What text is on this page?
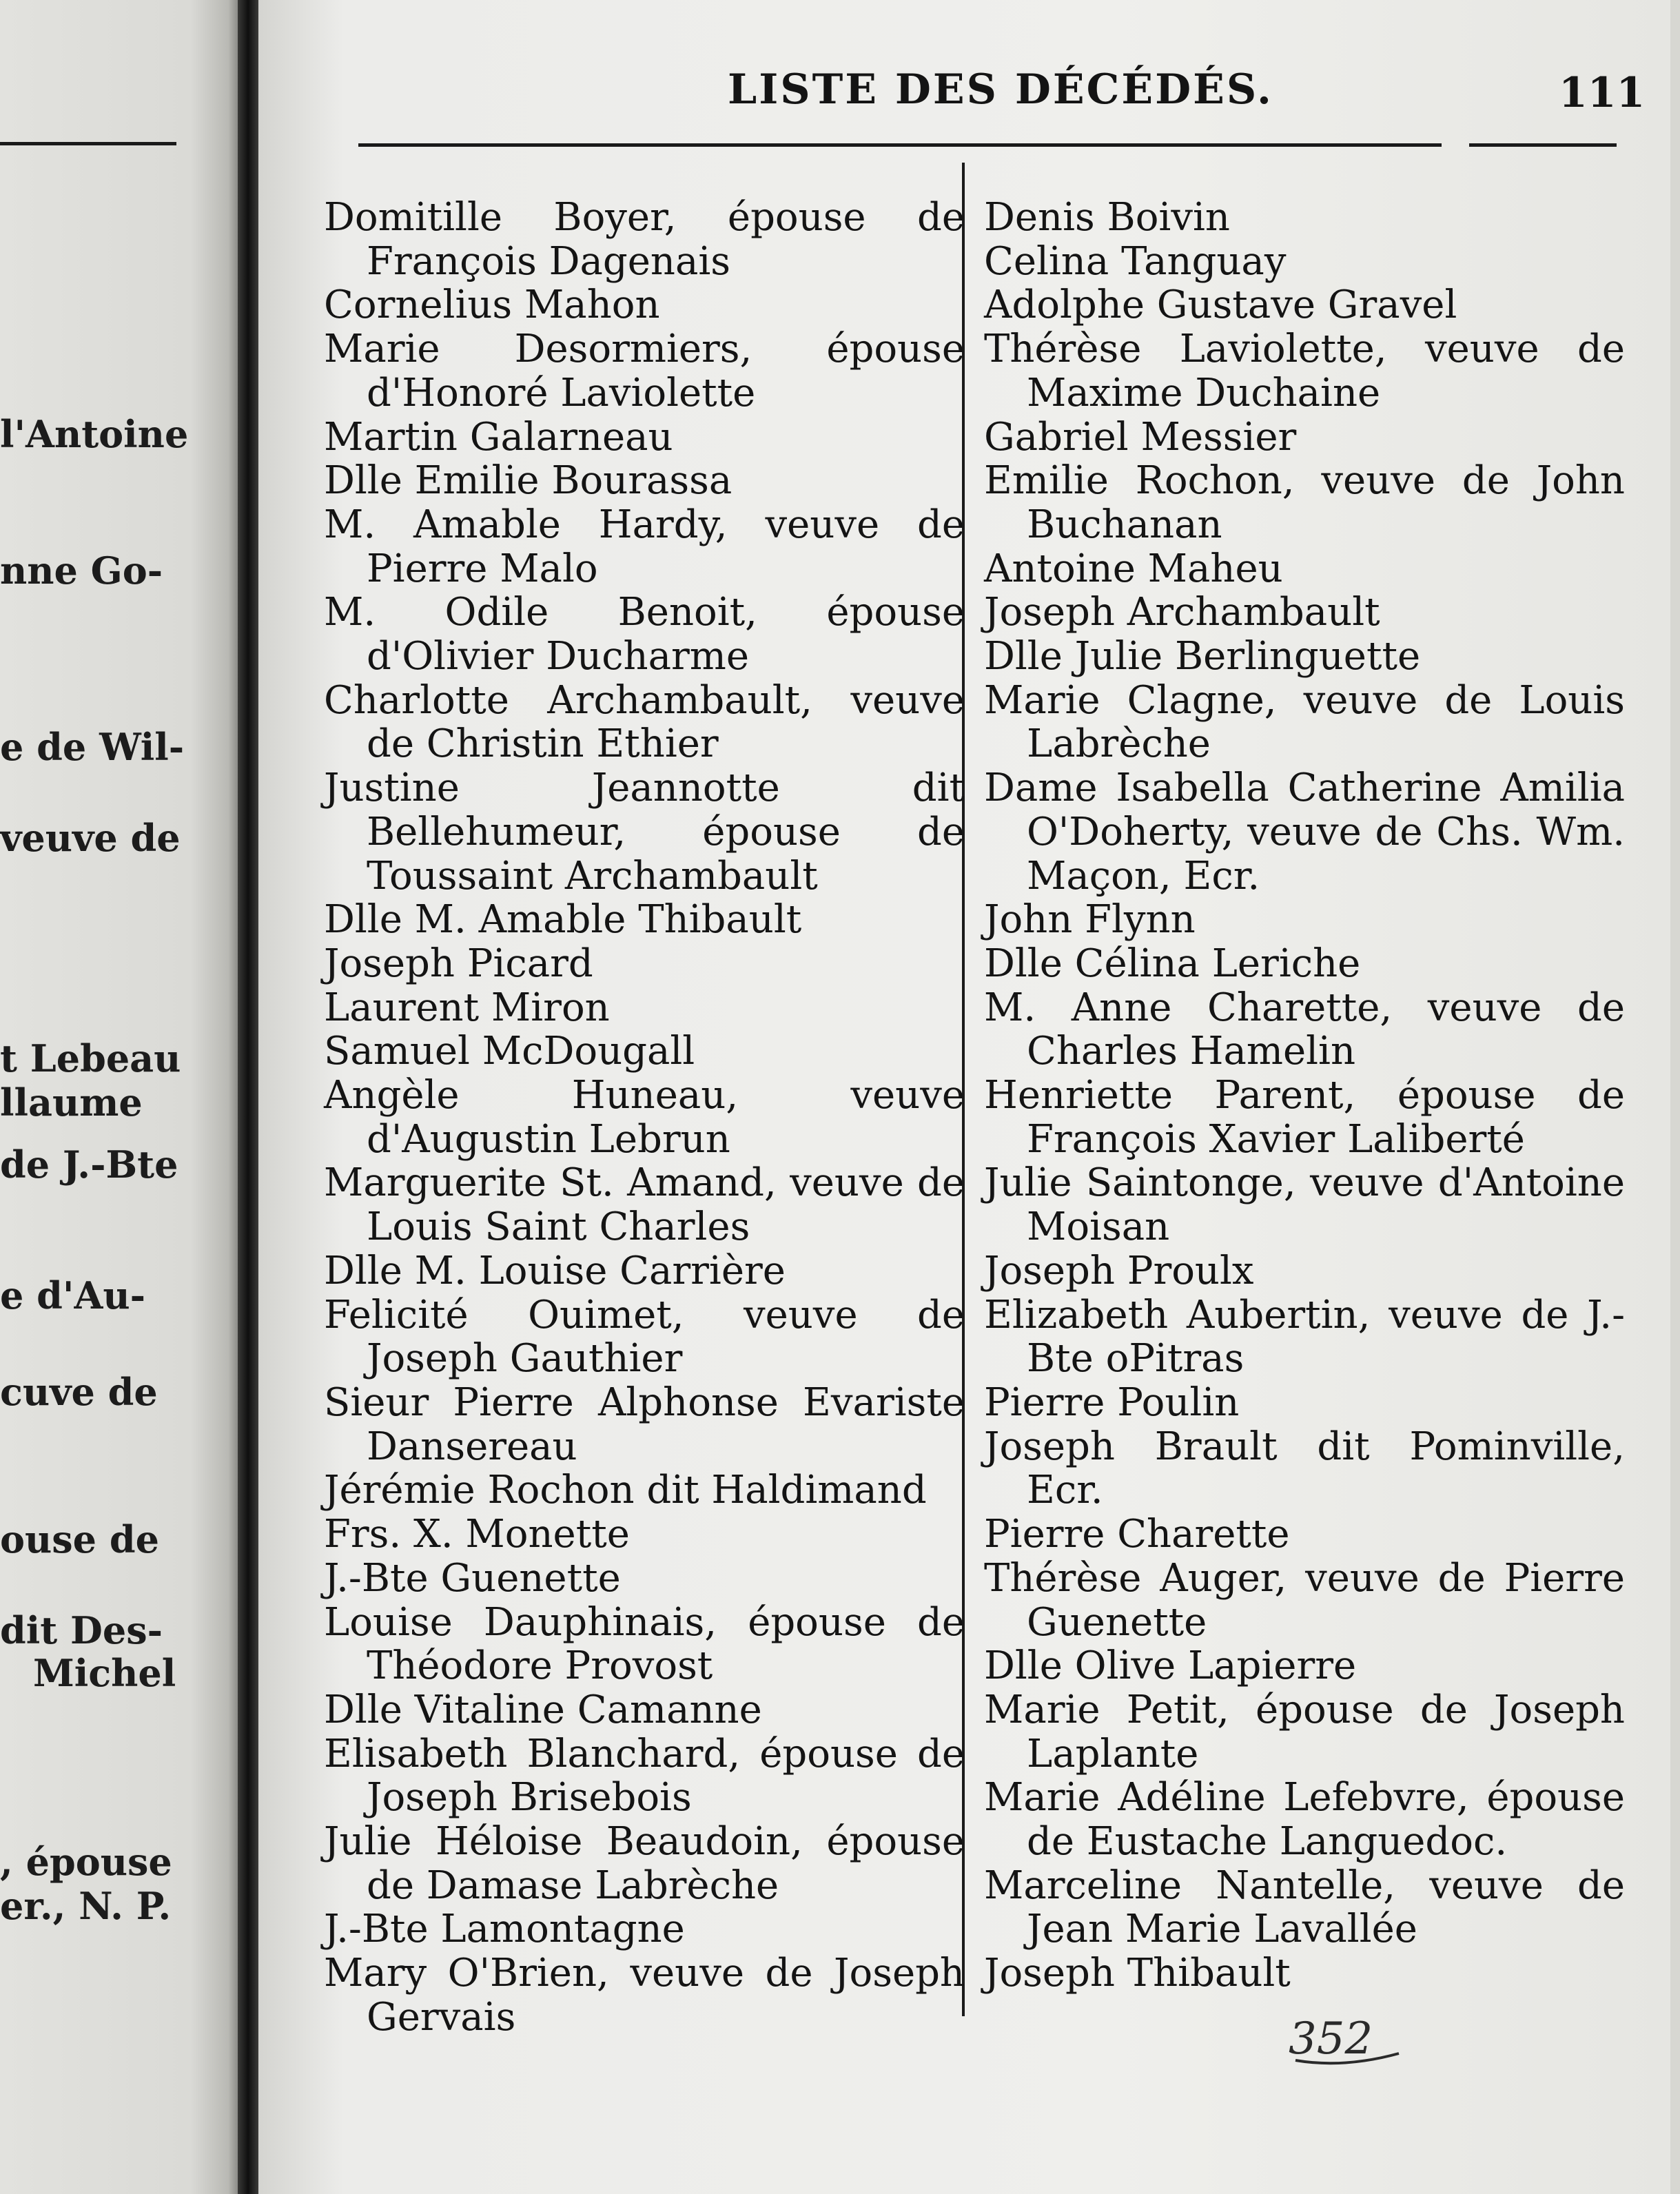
l'Antoine
nne Go-
e de Wil-
veuve de
t Lebeau
llaume
de J.-Bte
e d'Au-
cuve de
ouse de
dit Des-
Michel
, épouse
er., N. P.
LISTE DES DÉCÉDÉS.	111
Domitille Boyer, épouse de François Dagenais
Cornelius Mahon
Marie Desormiers, épouse d'Honoré Laviolette
Martin Galarneau
Dlle Emilie Bourassa
M. Amable Hardy, veuve de Pierre Malo
M. Odile Benoit, épouse d'Olivier Ducharme
Charlotte Archambault, veuve de Christin Ethier
Justine Jeannotte dit Bellehumeur, épouse de Toussaint Archambault
Dlle M. Amable Thibault
Joseph Picard
Laurent Miron
Samuel McDougall
Angèle Huneau, veuve d'Augustin Lebrun
Marguerite St. Amand, veuve de Louis Saint Charles
Dlle M. Louise Carrière
Felicité Ouimet, veuve de Joseph Gauthier
Sieur Pierre Alphonse Evariste Dansereau
Jérémie Rochon dit Haldimand
Frs. X. Monette
J.-Bte Guenette
Louise Dauphinais, épouse de Théodore Provost
Dlle Vitaline Camanne
Elisabeth Blanchard, épouse de Joseph Brisebois
Julie Héloise Beaudoin, épouse de Damase Labrèche
J.-Bte Lamontagne
Mary O'Brien, veuve de Joseph Gervais
Denis Boivin
Celina Tanguay
Adolphe Gustave Gravel
Thérèse Laviolette, veuve de Maxime Duchaine
Gabriel Messier
Emilie Rochon, veuve de John Buchanan
Antoine Maheu
Joseph Archambault
Dlle Julie Berlinguette
Marie Clagne, veuve de Louis Labrèche
Dame Isabella Catherine Amilia O'Doherty, veuve de Chs. Wm. Maçon, Ecr.
John Flynn
Dlle Célina Leriche
M. Anne Charette, veuve de Charles Hamelin
Henriette Parent, épouse de François Xavier Laliberté
Julie Saintonge, veuve d'Antoine Moisan
Joseph Proulx
Elizabeth Aubertin, veuve de J.-Bte oPitras
Pierre Poulin
Joseph Brault dit Pominville, Ecr.
Pierre Charette
Thérèse Auger, veuve de Pierre Guenette
Dlle Olive Lapierre
Marie Petit, épouse de Joseph Laplante
Marie Adéline Lefebvre, épouse de Eustache Languedoc.
Marceline Nantelle, veuve de Jean Marie Lavallée
Joseph Thibault
352
